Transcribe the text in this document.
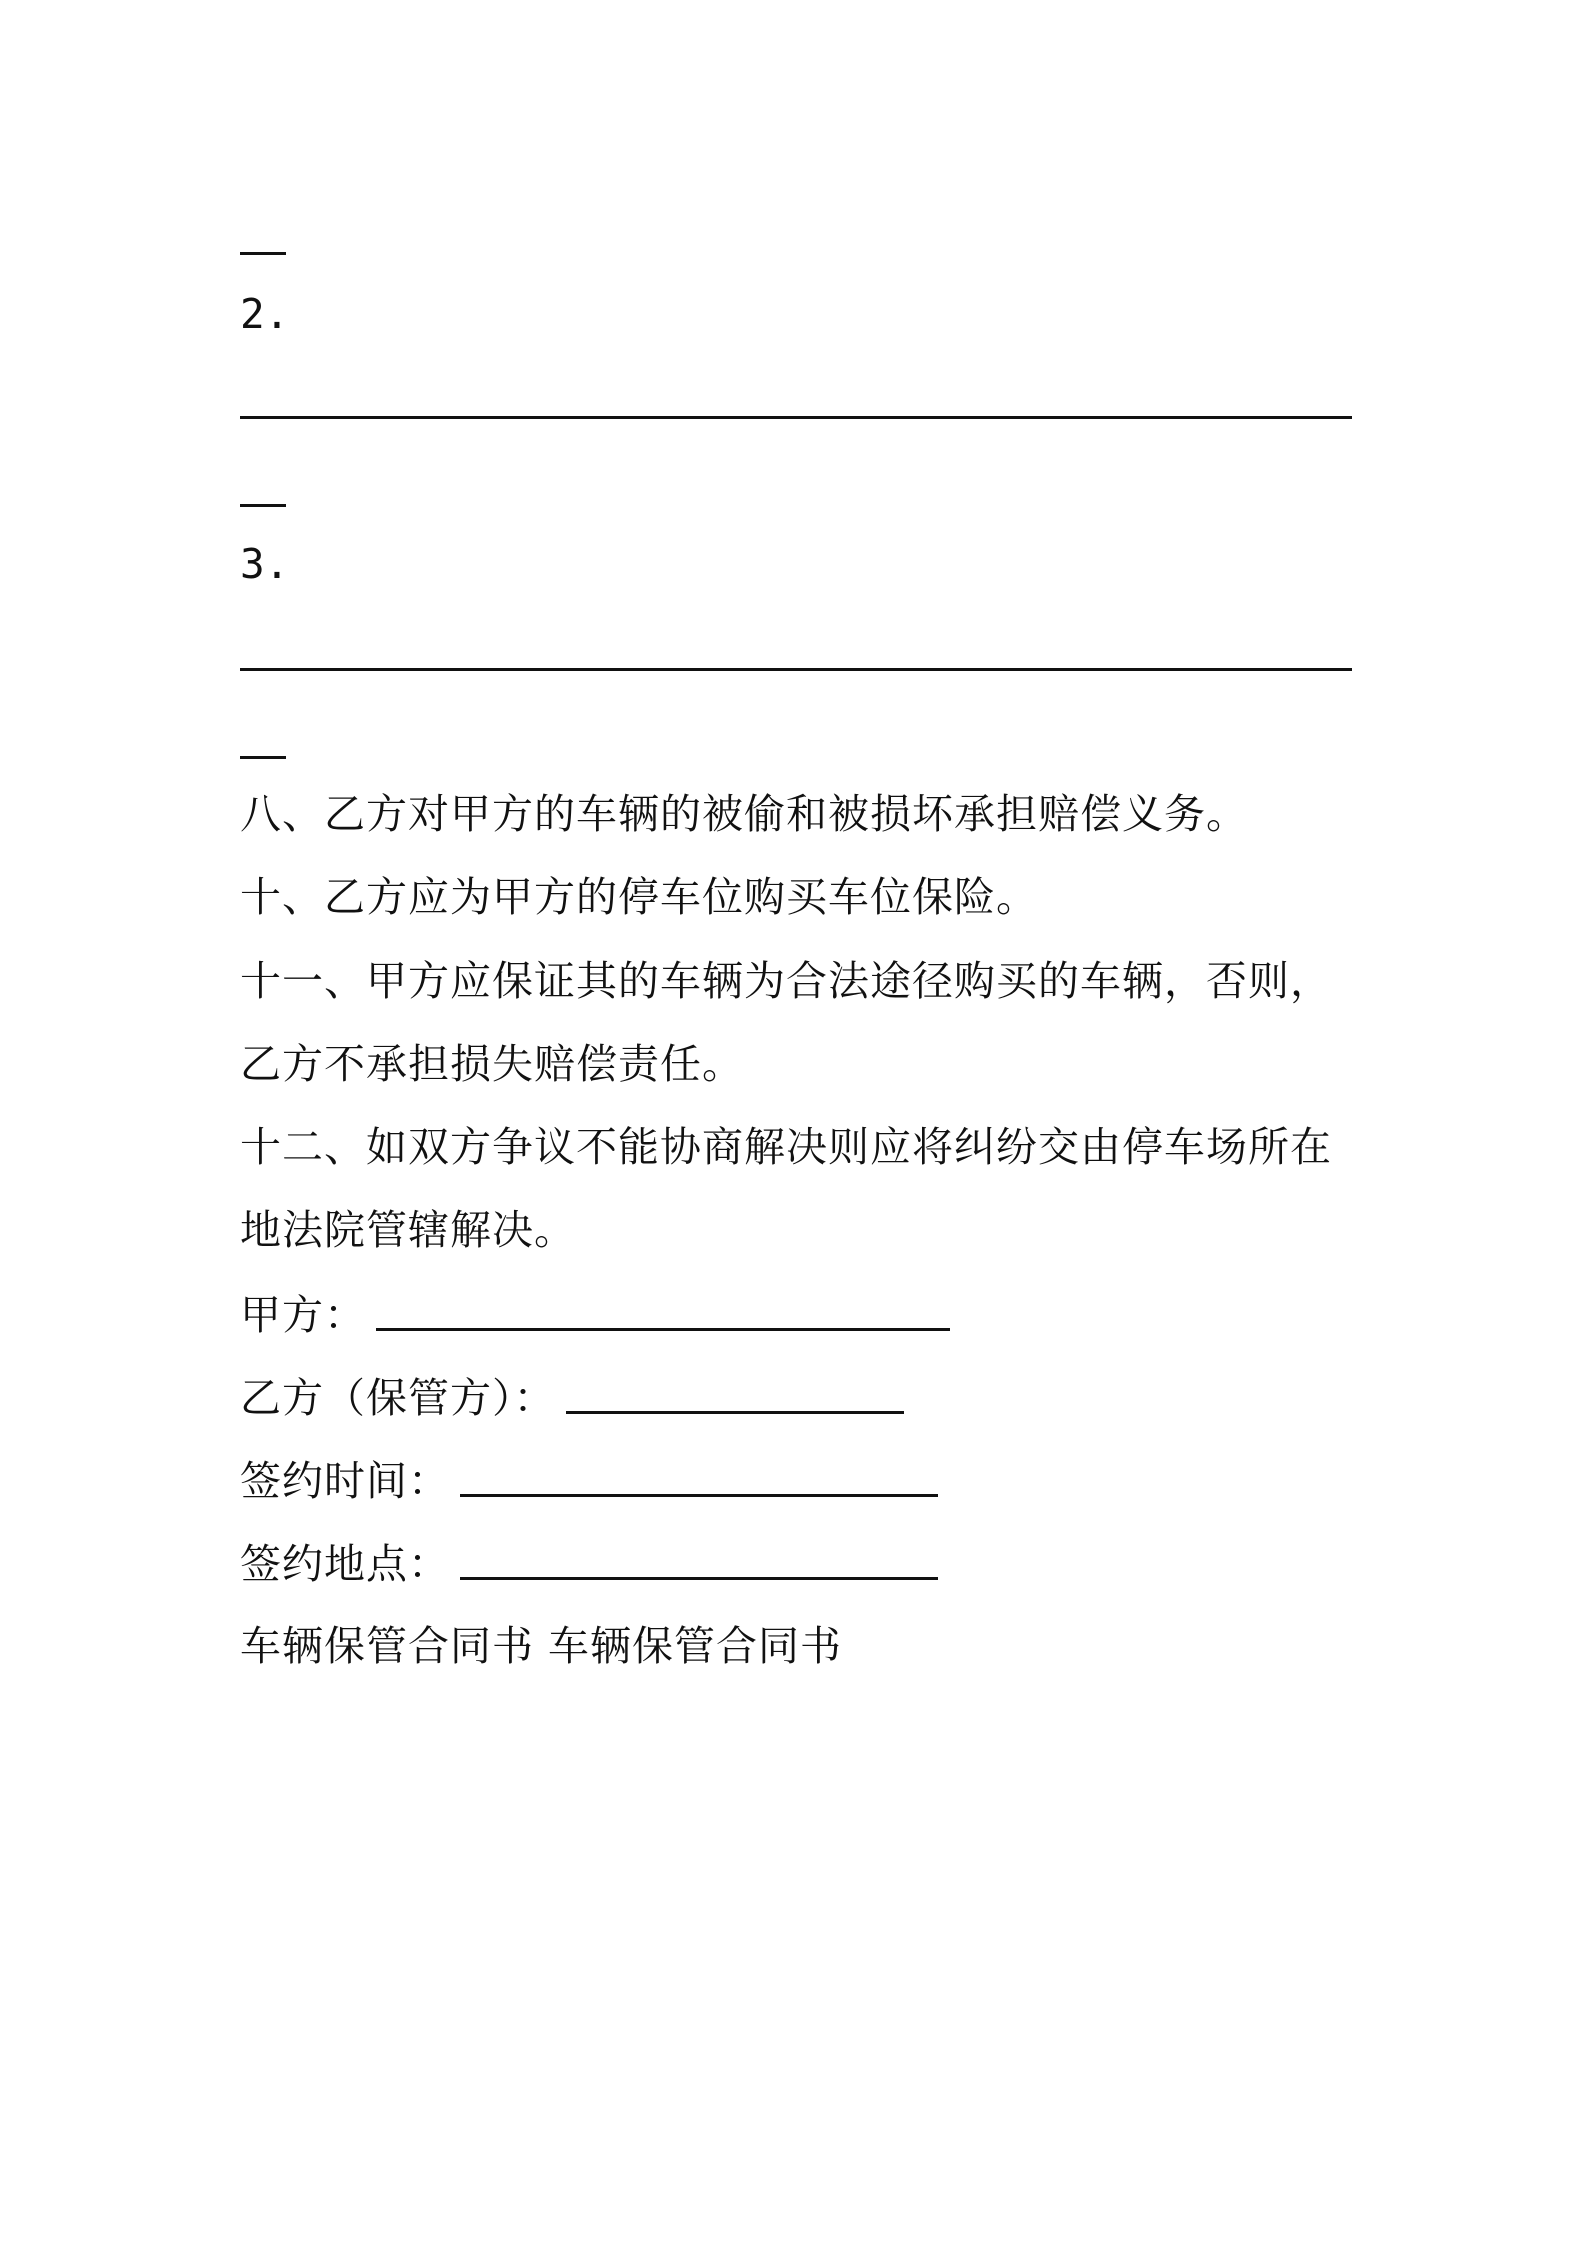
2.
3.
八、乙方对甲方的车辆的被偷和被损坏承担赔偿义务。
十、乙方应为甲方的停车位购买车位保险。
十一、甲方应保证其的车辆为合法途径购买的车辆，否则，
乙方不承担损失赔偿责任。
十二、如双方争议不能协商解决则应将纠纷交由停车场所在
地法院管辖解决。
甲方：
乙方（保管方）：
签约时间：
签约地点：
车辆保管合同书 车辆保管合同书
